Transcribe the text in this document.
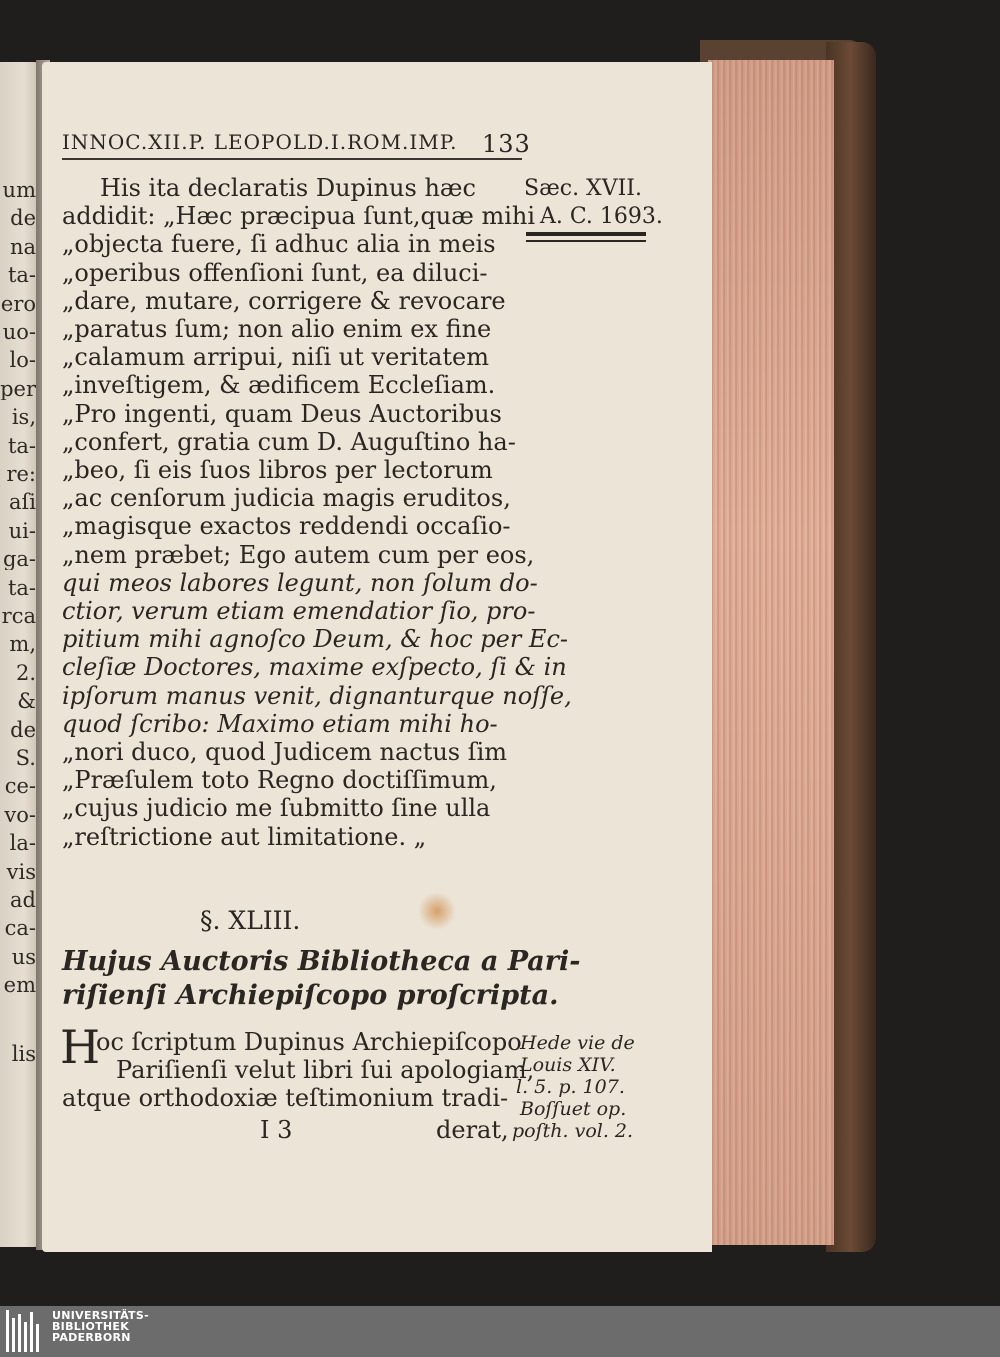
um
de
na
ta-
ero
uo-
lo-
per
is,
ta-
re:
aſi
ui-
ga-
ta-
rca
m,
2.
&
de
S.
ce-
vo-
la-
vis
ad
ca-
us
em
lis
INNOC.XII.P. LEOPOLD.I.ROM.IMP. 133
His ita declaratis Dupinus hæc
addidit: „Hæc præcipua ſunt,quæ mihi
„objecta fuere, ſi adhuc alia in meis
„operibus offenſioni ſunt, ea diluci-
„dare, mutare, corrigere & revocare
„paratus ſum; non alio enim ex fine
„calamum arripui, niſi ut veritatem
„inveſtigem, & ædificem Eccleſiam.
„Pro ingenti, quam Deus Auctoribus
„confert, gratia cum D. Auguſtino ha-
„beo, ſi eis ſuos libros per lectorum
„ac cenſorum judicia magis eruditos,
„magisque exactos reddendi occaſio-
„nem præbet; Ego autem cum per eos,
qui meos labores legunt, non ſolum do-
ctior, verum etiam emendatior ſio, pro-
pitium mihi agnoſco Deum, & hoc per Ec-
cleſiæ Doctores, maxime exſpecto, ſi & in
ipſorum manus venit, dignanturque noſſe,
quod ſcribo: Maximo etiam mihi ho-
„nori duco, quod Judicem nactus ſim
„Præſulem toto Regno doctiſſimum,
„cujus judicio me ſubmitto ſine ulla
„reſtrictione aut limitatione. „
Sæc. XVII.
A. C. 1693.
§. XLIII.
Hujus Auctoris Bibliotheca a Pari-
riſienſi Archiepiſcopo proſcripta.
H
oc ſcriptum Dupinus Archiepiſcopo
Pariſienſi velut libri ſui apologiam,
atque orthodoxiæ teſtimonium tradi-
I 3	derat,
Hede vie de
Louis XIV.
l. 5. p. 107.
Boſſuet op.
poſth. vol. 2.
UNIVERSITÄTS-
BIBLIOTHEK
PADERBORN
